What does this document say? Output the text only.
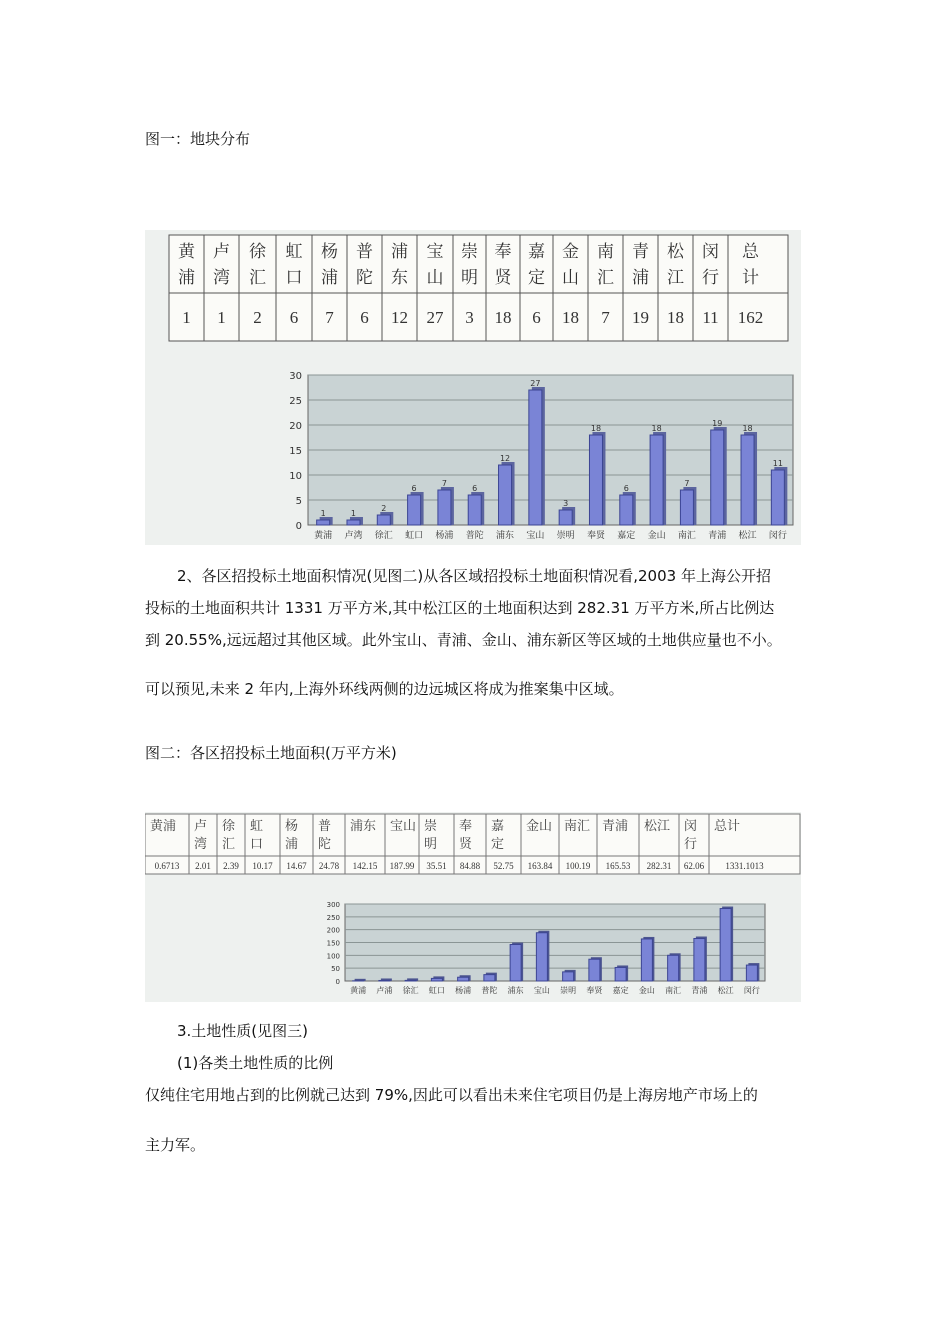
图一：地块分布
黄
浦
1
卢
湾
1
徐
汇
2
虹
口
6
杨
浦
7
普
陀
6
浦
东
12
宝
山
27
崇
明
3
奉
贤
18
嘉
定
6
金
山
18
南
汇
7
青
浦
19
松
江
18
闵
行
11
总
计
162
0
5
10
15
20
25
30
1
黄浦
1
卢湾
2
徐汇
6
虹口
7
杨浦
6
普陀
12
浦东
27
宝山
3
崇明
18
奉贤
6
嘉定
18
金山
7
南汇
19
青浦
18
松江
11
闵行

2、各区招投标土地面积情况(见图二)从各区域招投标土地面积情况看,2003 年上海公开招

投标的土地面积共计 1331 万平方米,其中松江区的土地面积达到 282.31 万平方米,所占比例达

到 20.55%,远远超过其他区域。此外宝山、青浦、金山、浦东新区等区域的土地供应量也不小。

可以预见,未来 2 年内,上海外环线两侧的边远城区将成为推案集中区域。
图二：各区招投标土地面积(万平方米)
黄浦
0.6713
卢
湾
2.01
徐
汇
2.39
虹
口
10.17
杨
浦
14.67
普
陀
24.78
浦东
142.15
宝山
187.99
崇
明
35.51
奉
贤
84.88
嘉
定
52.75
金山
163.84
南汇
100.19
青浦
165.53
松江
282.31
闵
行
62.06
总计
1331.1013
0
50
100
150
200
250
300
黄浦 卢浦 徐汇 虹口 杨浦 普陀 浦东 宝山 崇明 奉贤 嘉定 金山 南汇 青浦 松江 闵行
3.土地性质(见图三)
(1)各类土地性质的比例
仅纯住宅用地占到的比例就己达到 79%,因此可以看出未来住宅项目仍是上海房地产市场上的
主力军。
